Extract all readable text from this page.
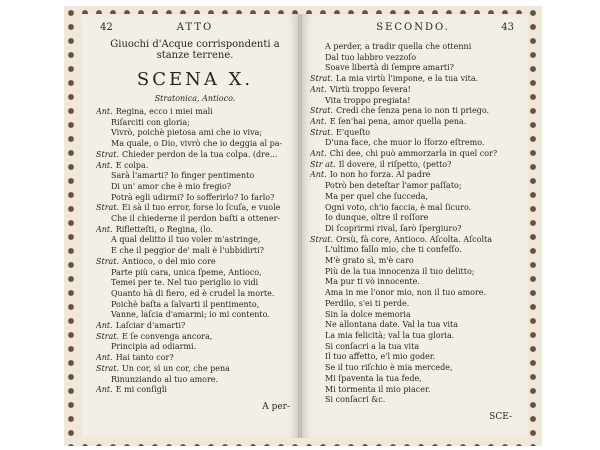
42	ATTO
Giuochi d'Acque corrispondenti a
stanze terrene.
SCENA X.
Stratonica, Antioco.
Ant. Regina, ecco i miei mali
Riſarciti con gloria;
Vivrò, poichè pietosa ami che io viva;
Ma quale, o Dio, vivrò che io deggia al pa-
Strat. Chieder perdon de la tua colpa. (dre...
Ant. E colpa.
Sarà l'amarti? Io finger pentimento
Di un' amor che è mio fregio?
Potrà egli udirmi? Io sofferirlo? Io farlo?
Strat. Ei sà il tuo error, forse lo ſcuſa, e vuole
Che il chiederne il perdon baſti a ottener-
Ant. Rifletteſti, o Regina, (lo.
A qual delitto il tuo voler m'astringe,
E che il peggior de' mali è l'ubbidirti?
Strat. Antioco, o del mio core
Parte più cara, unica ſpeme, Antioco,
Temei per te. Nel tuo periglio io vidi
Quanto hà di fiero, ed è crudel la morte.
Poichè baſta a ſalvarti il pentimento,
Vanne, laſcia d'amarmi; io mi contento.
Ant. Laſciar d'amarti?
Strat. E ſe convenga ancora,
Principia ad odiarmi.
Ant. Hai tanto cor?
Strat. Un cor, sì un cor, che pena
Rinunziando al tuo amore.
Ant. E mi conſigli
A per-
SECONDO.	43
A perder, a tradir quella che ottenni
Dal tuo labbro vezzoſo
Soave libertà di ſempre amarti?
Strat. La mia virtù l'impone, e la tua vita.
Ant. Virtù troppo ſevera!
Vita troppo pregiata!
Strat. Credi che ſenza pena io non ti priego.
Ant. E ſen'hai pena, amor quella pena.
Strat. E'queſto
D'una face, che muor lo ſforzo eſtremo.
Ant. Chi dee, chi può ammorzarla in quel cor?
Str at. Il dovere, il riſpetto, (petto?
Ant. Io non ho forza. Al padre
Potrò ben deteſtar l'amor paſſato;
Ma per quel che ſuccedа,
Ogni voto, ch'io faccia, è mal ſicuro.
Io dunque, oltre il roſſore
Di ſcoprirmi rival, ſarò ſpergiuro?
Strat. Orsù, fà core, Antioco. Aſcolta. Aſcolta
L'ultimo fallo mio, che ti confeſſo.
M'è grato sì, m'è caro
Più de la tua innocenza il tuo delitto;
Ma pur ti vò innocente.
Ama in me l'onor mio, non il tuo amore.
Perdilo, s'ei ti perde.
Sin la dolce memoria
Ne allontana date. Val la tua vita
La mia felicità; val la tua gloria.
Si conſacri a la tua vita
Il tuo affetto, e'l mio goder.
Se il tuo riſchio è mia mercede,
Mi ſpaventa la tua fede,
Mi tormenta il mio piacer.
Si conſacri &c.
SCE-
